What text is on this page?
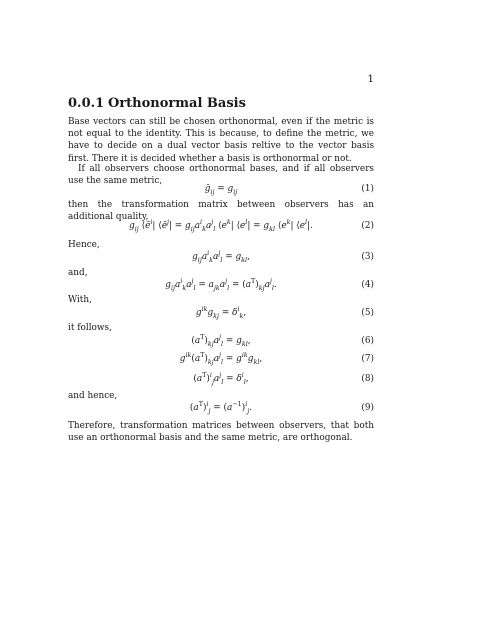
1
0.0.1 Orthonormal Basis
Base vectors can still be chosen orthonormal, even if the metric is not equal to the identity. This is because, to define the metric, we have to decide on a dual vector basis reltive to the vector basis first. There it is decided whether a basis is orthonormal or not.
If all observers choose orthonormal bases, and if all observers use the same metric,
$ḡ_{ij} = g_{ij}$	(1)
then the transformation matrix between observers has an additional quality,
$g_{ij}$ $⟨ē^i|$ $⟨ē^j| = g_{ij}a^i_ka^j_l$ $⟨e^k|$ $⟨e^l| = g_{kl}$ $⟨e^k|$ $⟨e^l|$.	(2)
Hence,
$g_{ij}a^i_ka^j_l = g_{kl}$,	(3)
and,
$g_{ij}a^i_ka^j_l = a_{jk}a^j_l = (a^T)_{kj}a^j_l$.	(4)
With,
$g^{ik}g_{kj} = \delta^i_k$,	(5)
it follows,
$(a^T)_{kj}a^j_l = g_{kl}$,	(6)
$g^{ik}(a^T)_{kj}a^j_l = g^{ik}g_{kl}$,	(7)
$(a^T)^i_ja^j_l = \delta^i_l$,	(8)
and hence,
$(a^T)^i_j = (a^{-1})^i_j$.	(9)
Therefore, transformation matrices between observers, that both use an orthonormal basis and the same metric, are orthogonal.
